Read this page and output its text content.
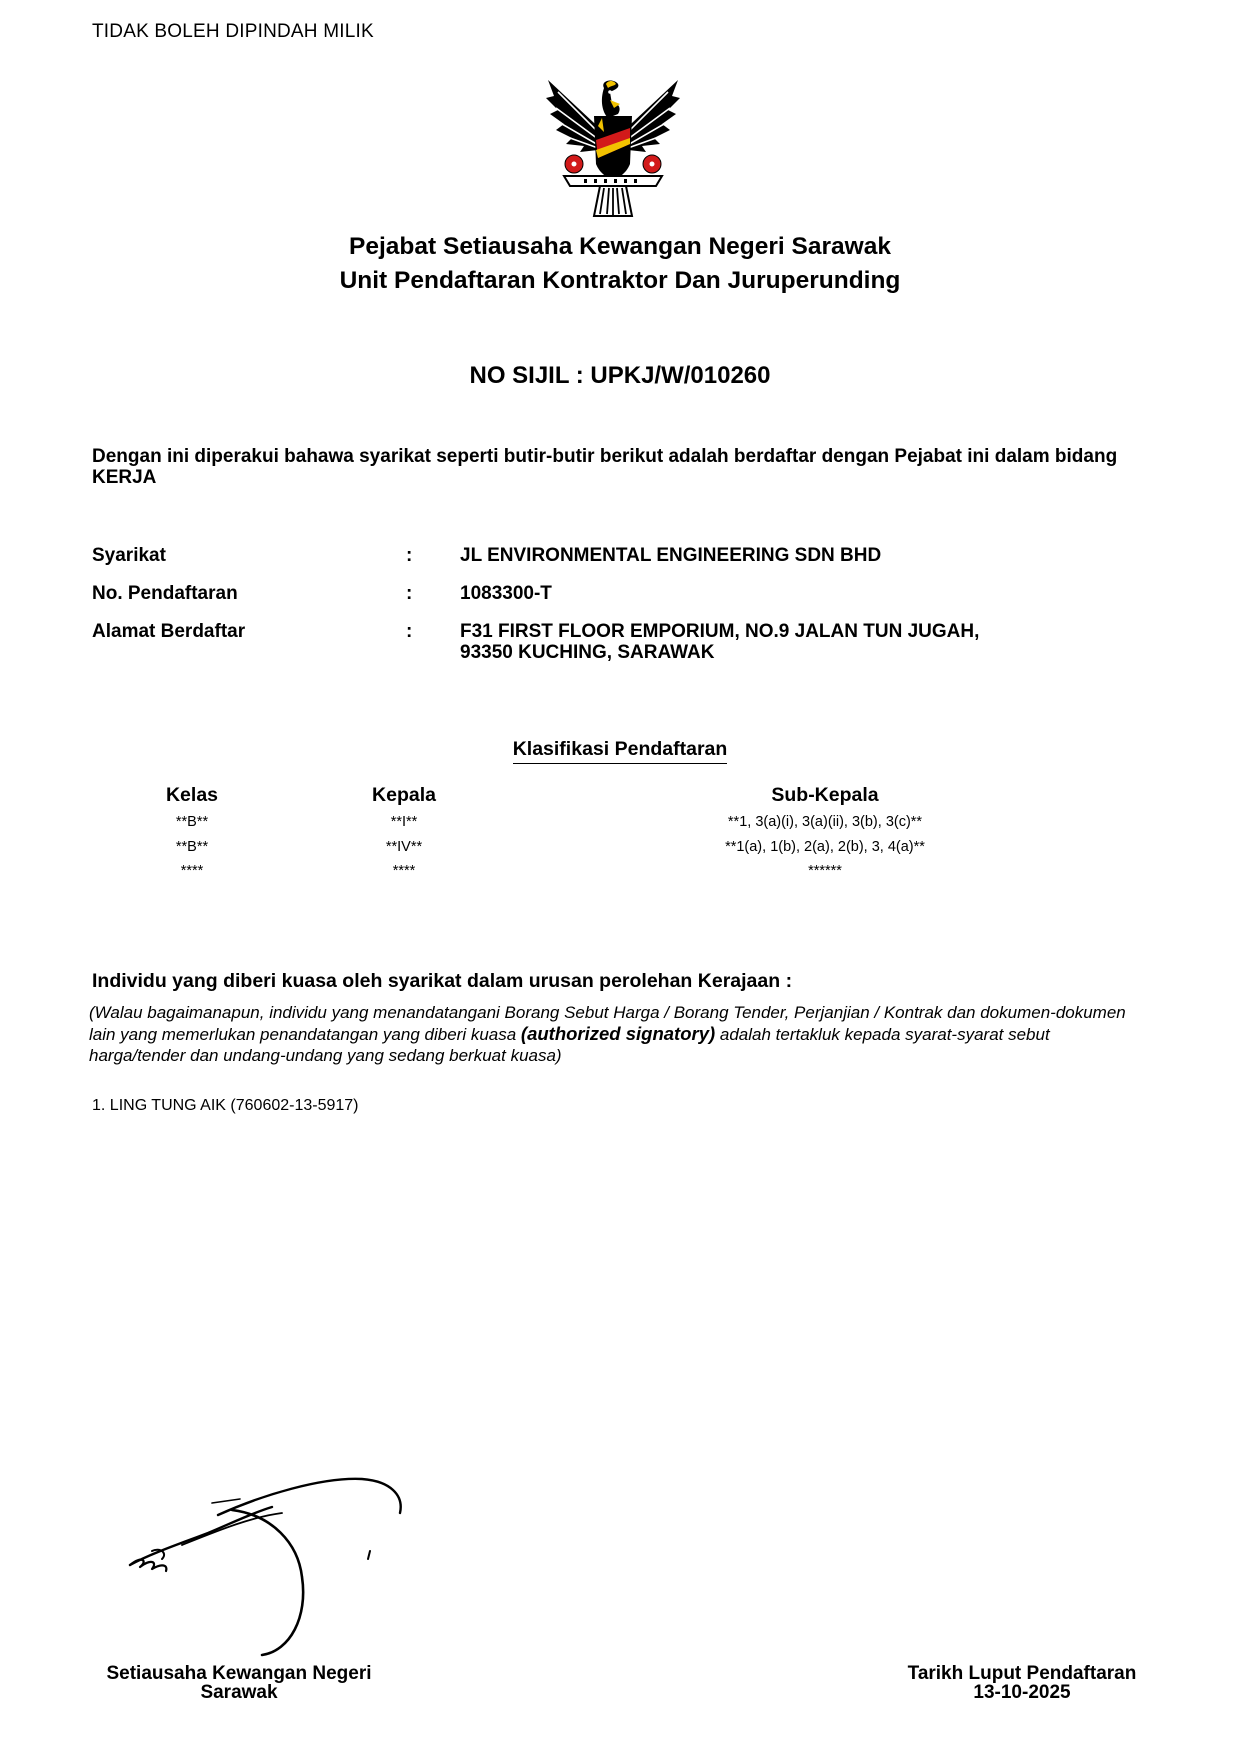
TIDAK BOLEH DIPINDAH MILIK
Pejabat Setiausaha Kewangan Negeri Sarawak
Unit Pendaftaran Kontraktor Dan Juruperunding
NO SIJIL : UPKJ/W/010260
Dengan ini diperakui bahawa syarikat seperti butir-butir berikut adalah berdaftar dengan Pejabat ini dalam bidang KERJA
Syarikat	:	JL ENVIRONMENTAL ENGINEERING SDN BHD
No. Pendaftaran	:	1083300-T
Alamat Berdaftar	:	F31 FIRST FLOOR EMPORIUM, NO.9 JALAN TUN JUGAH, 93350 KUCHING, SARAWAK
Klasifikasi Pendaftaran
Kelas	Kepala	Sub-Kepala
**B**	**I**	**1, 3(a)(i), 3(a)(ii), 3(b), 3(c)**
**B**	**IV**	**1(a), 1(b), 2(a), 2(b), 3, 4(a)**
****	****	******
Individu yang diberi kuasa oleh syarikat dalam urusan perolehan Kerajaan :
(Walau bagaimanapun, individu yang menandatangani Borang Sebut Harga / Borang Tender, Perjanjian / Kontrak dan dokumen-dokumen lain yang memerlukan penandatangan yang diberi kuasa (authorized signatory) adalah tertakluk kepada syarat-syarat sebut harga/tender dan undang-undang yang sedang berkuat kuasa)
1. LING TUNG AIK (760602-13-5917)
Setiausaha Kewangan Negeri
Sarawak
Tarikh Luput Pendaftaran
13-10-2025
